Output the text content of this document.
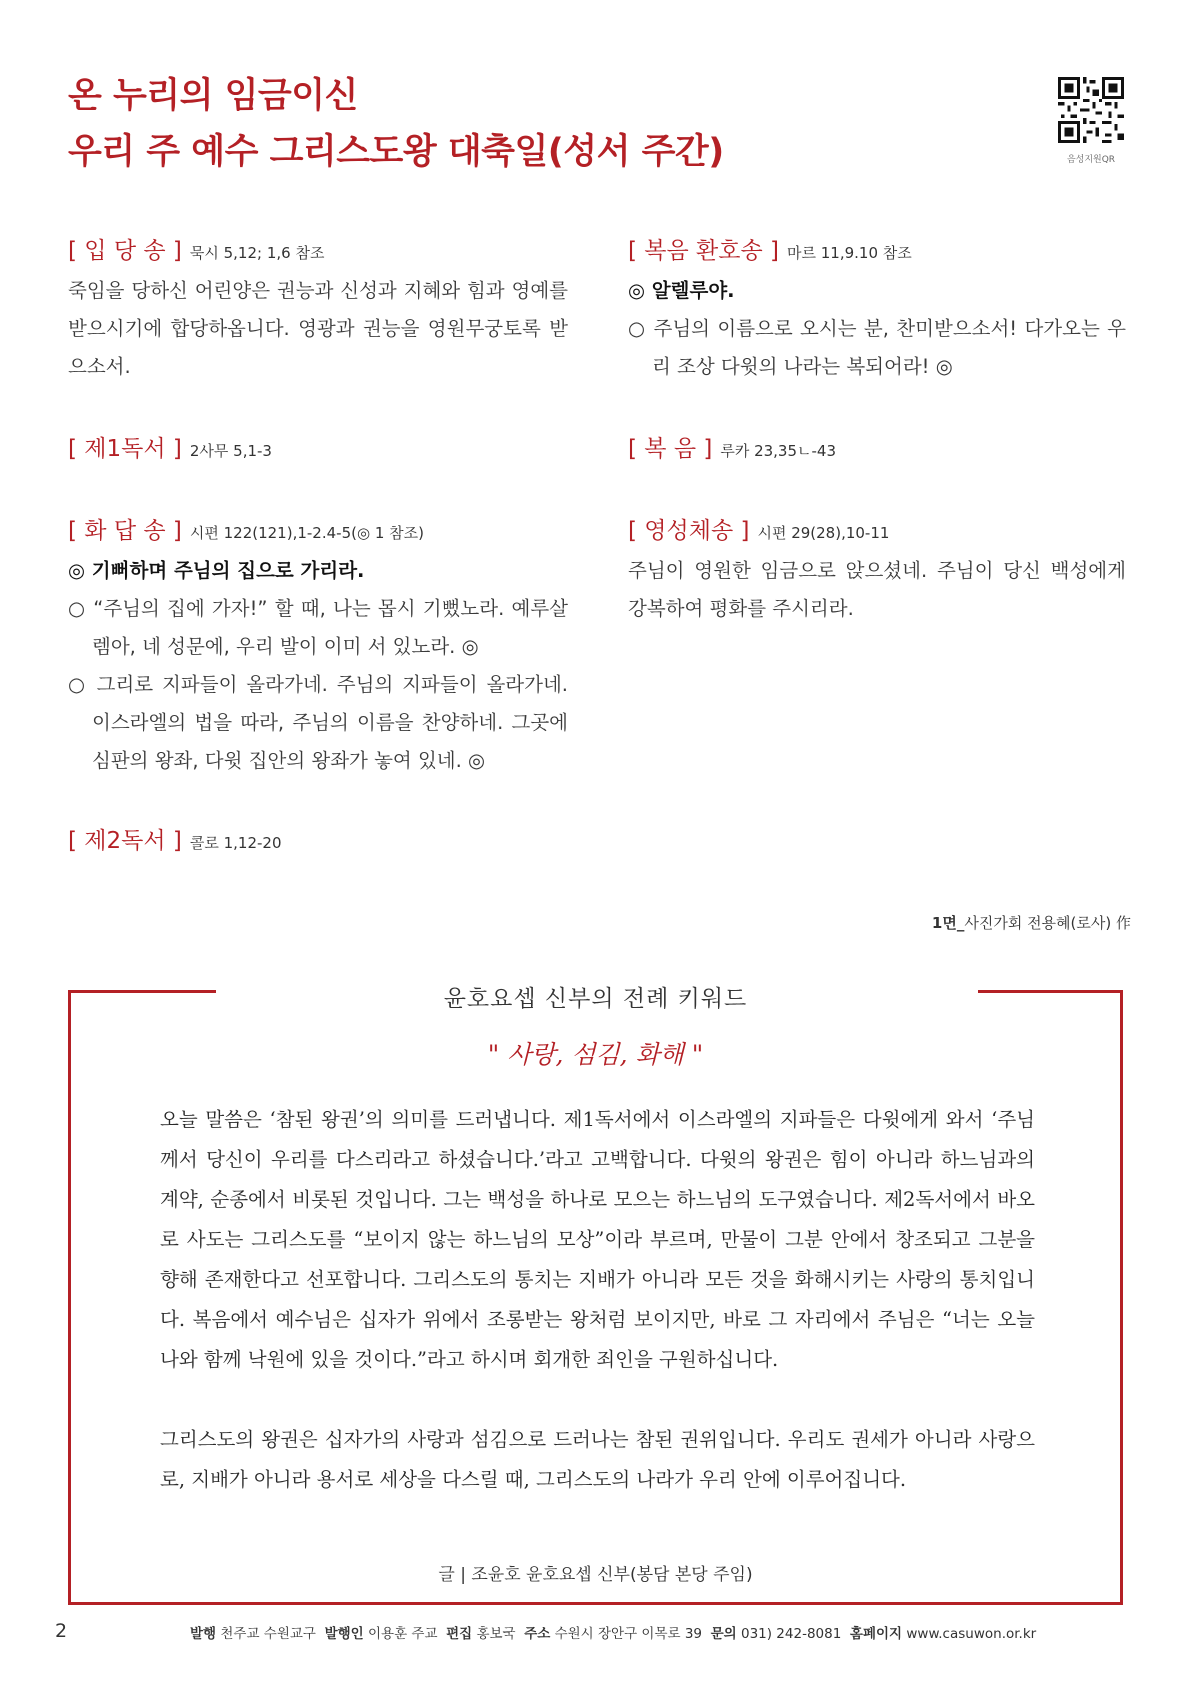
온 누리의 임금이신
우리 주 예수 그리스도왕 대축일(성서 주간)	음성지원QR
[ 입 당 송 ] 묵시 5,12; 1,6 참조
죽임을 당하신 어린양은 권능과 신성과 지혜와 힘과 영예를 받으시기에 합당하옵니다. 영광과 권능을 영원무궁토록 받으소서.
[ 제1독서 ] 2사무 5,1-3
[ 화 답 송 ] 시편 122(121),1-2.4-5(◎ 1 참조)
◎ 기뻐하며 주님의 집으로 가리라.
○ “주님의 집에 가자!” 할 때, 나는 몹시 기뻤노라. 예루살렘아, 네 성문에, 우리 발이 이미 서 있노라. ◎
○ 그리로 지파들이 올라가네. 주님의 지파들이 올라가네. 이스라엘의 법을 따라, 주님의 이름을 찬양하네. 그곳에 심판의 왕좌, 다윗 집안의 왕좌가 놓여 있네. ◎
[ 제2독서 ] 콜로 1,12-20
[ 복음 환호송 ] 마르 11,9.10 참조
◎ 알렐루야.
○ 주님의 이름으로 오시는 분, 찬미받으소서! 다가오는 우리 조상 다윗의 나라는 복되어라! ◎
[ 복 음 ] 루카 23,35ㄴ-43
[ 영성체송 ] 시편 29(28),10-11
주님이 영원한 임금으로 앉으셨네. 주님이 당신 백성에게 강복하여 평화를 주시리라.
1면_사진가회 전용혜(로사) 作
윤호요셉 신부의 전례 키워드
" 사랑, 섬김, 화해 "

오늘 말씀은 ‘참된 왕권’의 의미를 드러냅니다. 제1독서에서 이스라엘의 지파들은 다윗에게 와서 ‘주님께서 당신이 우리를 다스리라고 하셨습니다.’라고 고백합니다. 다윗의 왕권은 힘이 아니라 하느님과의 계약, 순종에서 비롯된 것입니다. 그는 백성을 하나로 모으는 하느님의 도구였습니다. 제2독서에서 바오로 사도는 그리스도를 “보이지 않는 하느님의 모상”이라 부르며, 만물이 그분 안에서 창조되고 그분을 향해 존재한다고 선포합니다. 그리스도의 통치는 지배가 아니라 모든 것을 화해시키는 사랑의 통치입니다. 복음에서 예수님은 십자가 위에서 조롱받는 왕처럼 보이지만, 바로 그 자리에서 주님은 “너는 오늘 나와 함께 낙원에 있을 것이다.”라고 하시며 회개한 죄인을 구원하십니다.

그리스도의 왕권은 십자가의 사랑과 섬김으로 드러나는 참된 권위입니다. 우리도 권세가 아니라 사랑으로, 지배가 아니라 용서로 세상을 다스릴 때, 그리스도의 나라가 우리 안에 이루어집니다.

글 | 조윤호 윤호요셉 신부(봉담 본당 주임)
2	발행 천주교 수원교구 발행인 이용훈 주교 편집 홍보국 주소 수원시 장안구 이목로 39 문의 031) 242-8081 홈페이지 www.casuwon.or.kr
